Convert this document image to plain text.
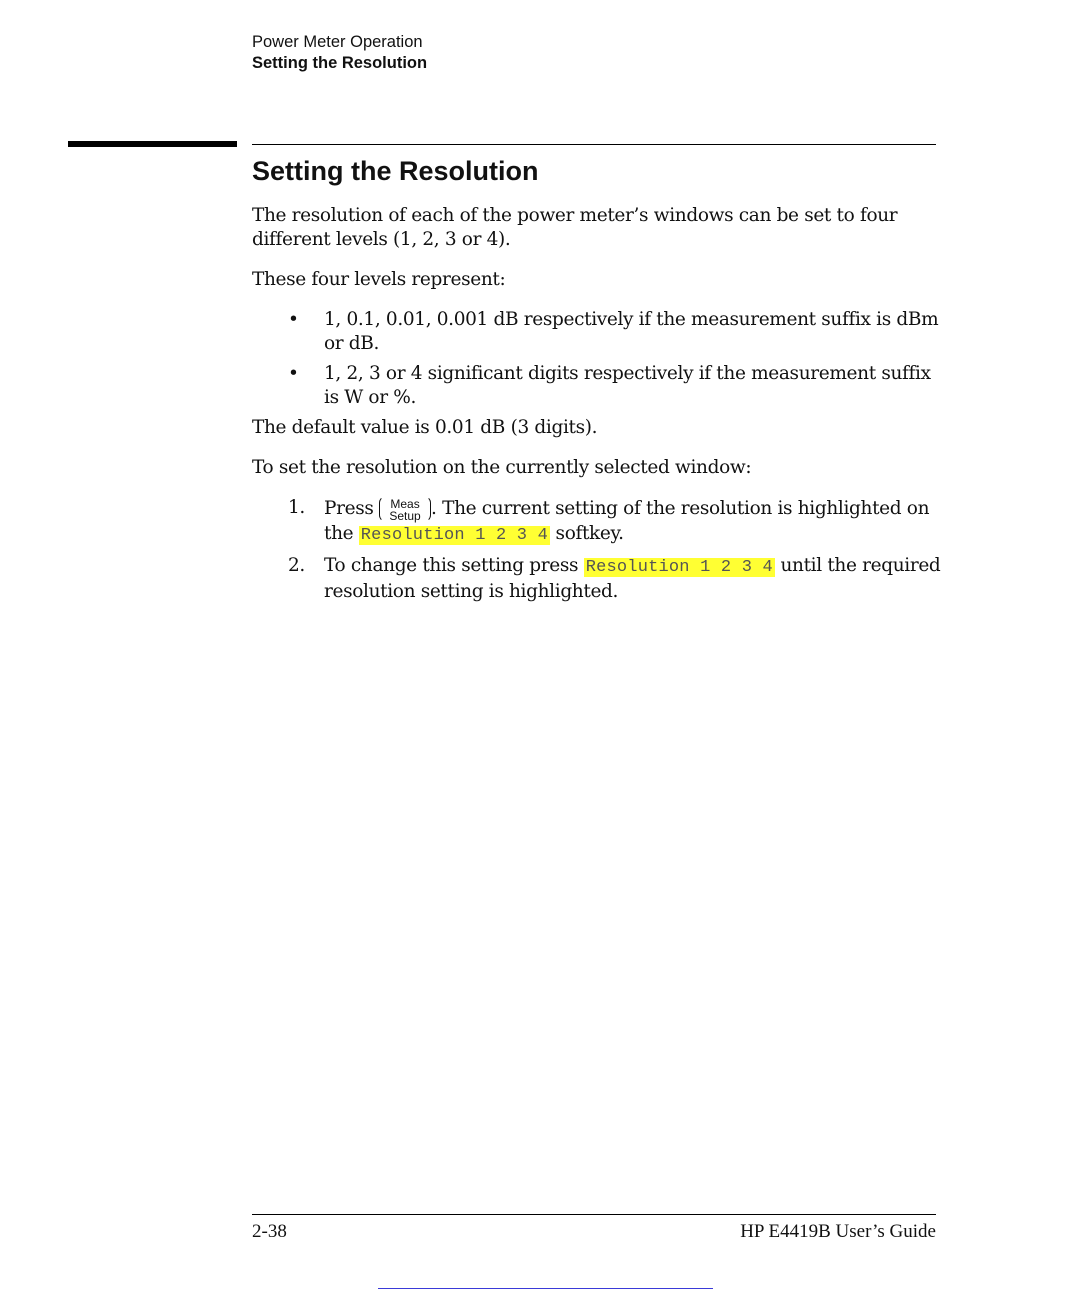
Power Meter Operation
Setting the Resolution
Setting the Resolution

The resolution of each of the power meter’s windows can be set to four different levels (1, 2, 3 or 4).

These four levels represent:

• 1, 0.1, 0.01, 0.001 dB respectively if the measurement suffix is dBm or dB.
• 1, 2, 3 or 4 significant digits respectively if the measurement suffix is W or %.

The default value is 0.01 dB (3 digits).

To set the resolution on the currently selected window:

1. Press Meas
Setup . The current setting of the resolution is highlighted on the Resolution 1 2 3 4 softkey.
2. To change this setting press Resolution 1 2 3 4 until the required resolution setting is highlighted.
2-38	HP E4419B User’s Guide
